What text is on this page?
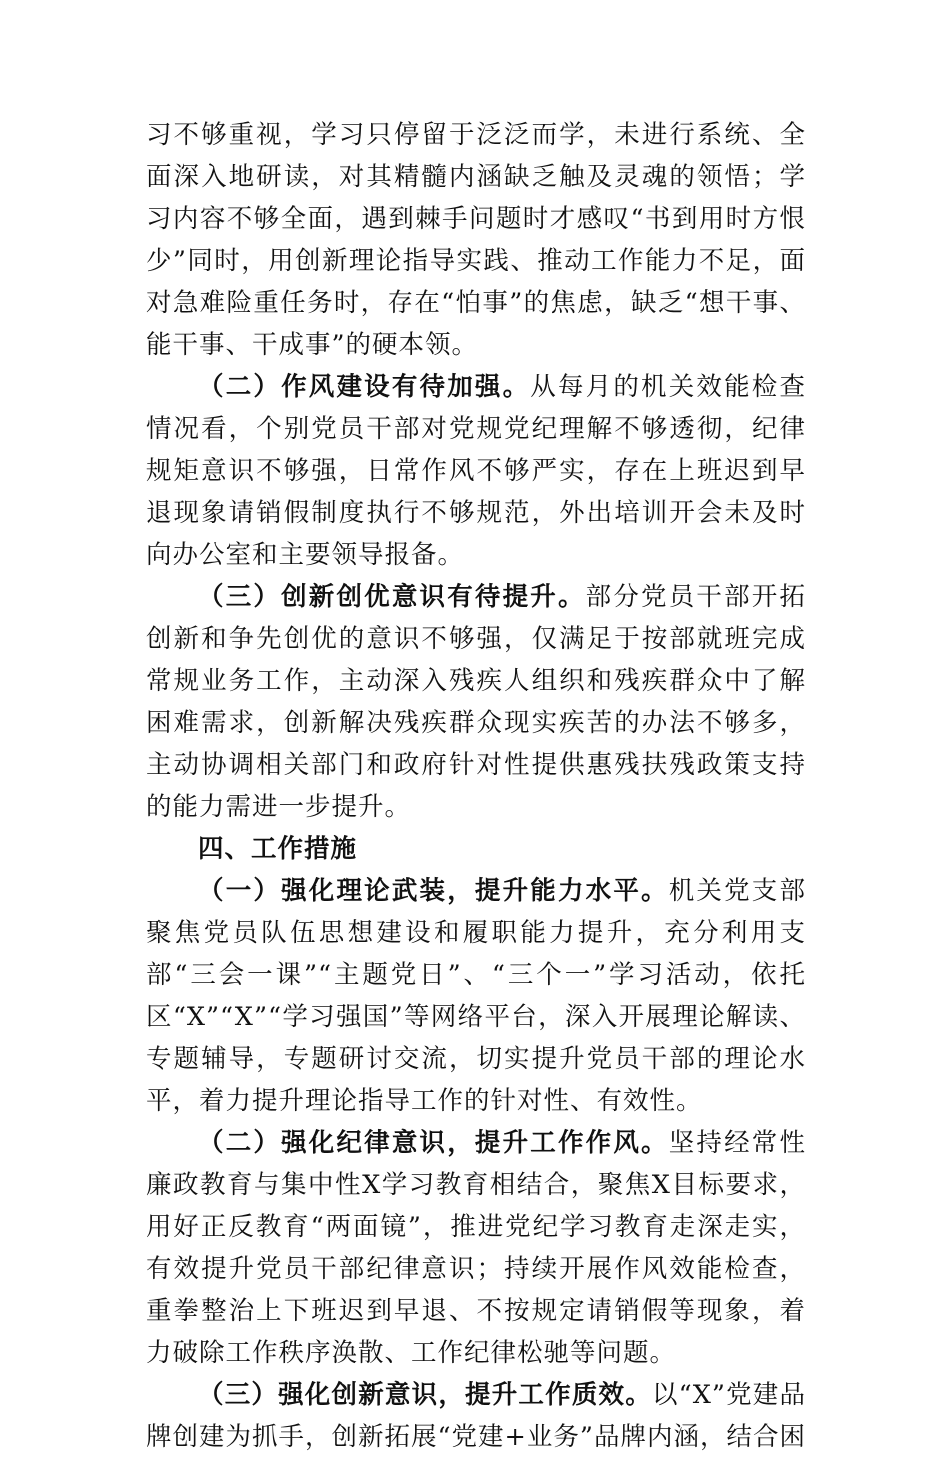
习不够重视，学习只停留于泛泛而学，未进行系统、全面深入地研读，对其精髓内涵缺乏触及灵魂的领悟；学习内容不够全面，遇到棘手问题时才感叹“书到用时方恨少”同时，用创新理论指导实践、推动工作能力不足，面对急难险重任务时，存在“怕事”的焦虑，缺乏“想干事、能干事、干成事”的硬本领。

（二）作风建设有待加强。从每月的机关效能检查情况看，个别党员干部对党规党纪理解不够透彻，纪律规矩意识不够强，日常作风不够严实，存在上班迟到早退现象请销假制度执行不够规范，外出培训开会未及时向办公室和主要领导报备。

（三）创新创优意识有待提升。部分党员干部开拓创新和争先创优的意识不够强，仅满足于按部就班完成常规业务工作，主动深入残疾人组织和残疾群众中了解困难需求，创新解决残疾群众现实疾苦的办法不够多，主动协调相关部门和政府针对性提供惠残扶残政策支持的能力需进一步提升。

四、工作措施

（一）强化理论武装，提升能力水平。机关党支部聚焦党员队伍思想建设和履职能力提升，充分利用支部“三会一课”“主题党日”、“三个一”学习活动，依托区“X”“X”“学习强国”等网络平台，深入开展理论解读、专题辅导，专题研讨交流，切实提升党员干部的理论水平，着力提升理论指导工作的针对性、有效性。

（二）强化纪律意识，提升工作作风。坚持经常性廉政教育与集中性X学习教育相结合，聚焦X目标要求，用好正反教育“两面镜”，推进党纪学习教育走深走实，有效提升党员干部纪律意识；持续开展作风效能检查，重拳整治上下班迟到早退、不按规定请销假等现象，着力破除工作秩序涣散、工作纪律松驰等问题。

（三）强化创新意识，提升工作质效。以“X”党建品牌创建为抓手，创新拓展“党建+业务”品牌内涵，结合困
